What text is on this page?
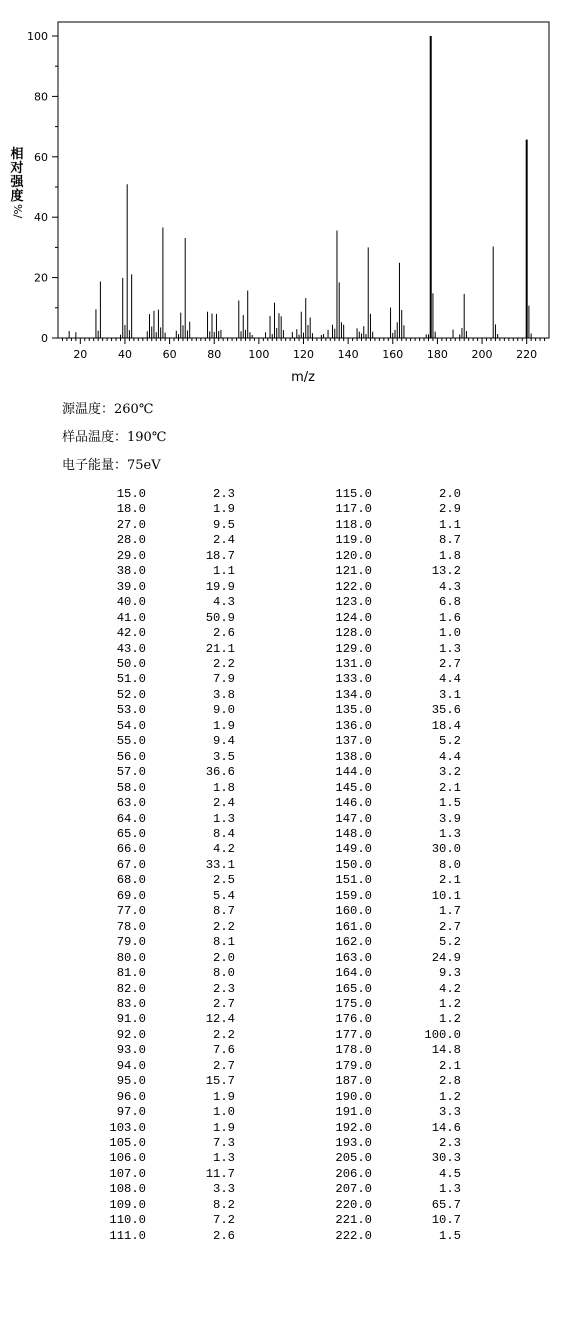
0
20
40
60
80
100
20	40	60	80 100 120 140 160 180 200 220
m/z
相
对
强
度
%/
源温度：260℃
样品温度：190℃
电子能量：75eV
15.0	2.3	115.0	2.0
18.0	1.9	117.0	2.9
27.0	9.5	118.0	1.1
28.0	2.4	119.0	8.7
29.0	18.7	120.0	1.8
38.0	1.1	121.0	13.2
39.0	19.9	122.0	4.3
40.0	4.3	123.0	6.8
41.0	50.9	124.0	1.6
42.0	2.6	128.0	1.0
43.0	21.1	129.0	1.3
50.0	2.2	131.0	2.7
51.0	7.9	133.0	4.4
52.0	3.8	134.0	3.1
53.0	9.0	135.0	35.6
54.0	1.9	136.0	18.4
55.0	9.4	137.0	5.2
56.0	3.5	138.0	4.4
57.0	36.6	144.0	3.2
58.0	1.8	145.0	2.1
63.0	2.4	146.0	1.5
64.0	1.3	147.0	3.9
65.0	8.4	148.0	1.3
66.0	4.2	149.0	30.0
67.0	33.1	150.0	8.0
68.0	2.5	151.0	2.1
69.0	5.4	159.0	10.1
77.0	8.7	160.0	1.7
78.0	2.2	161.0	2.7
79.0	8.1	162.0	5.2
80.0	2.0	163.0	24.9
81.0	8.0	164.0	9.3
82.0	2.3	165.0	4.2
83.0	2.7	175.0	1.2
91.0	12.4	176.0	1.2
92.0	2.2	177.0	100.0
93.0	7.6	178.0	14.8
94.0	2.7	179.0	2.1
95.0	15.7	187.0	2.8
96.0	1.9	190.0	1.2
97.0	1.0	191.0	3.3
103.0	1.9	192.0	14.6
105.0	7.3	193.0	2.3
106.0	1.3	205.0	30.3
107.0	11.7	206.0	4.5
108.0	3.3	207.0	1.3
109.0	8.2	220.0	65.7
110.0	7.2	221.0	10.7
111.0	2.6	222.0	1.5
